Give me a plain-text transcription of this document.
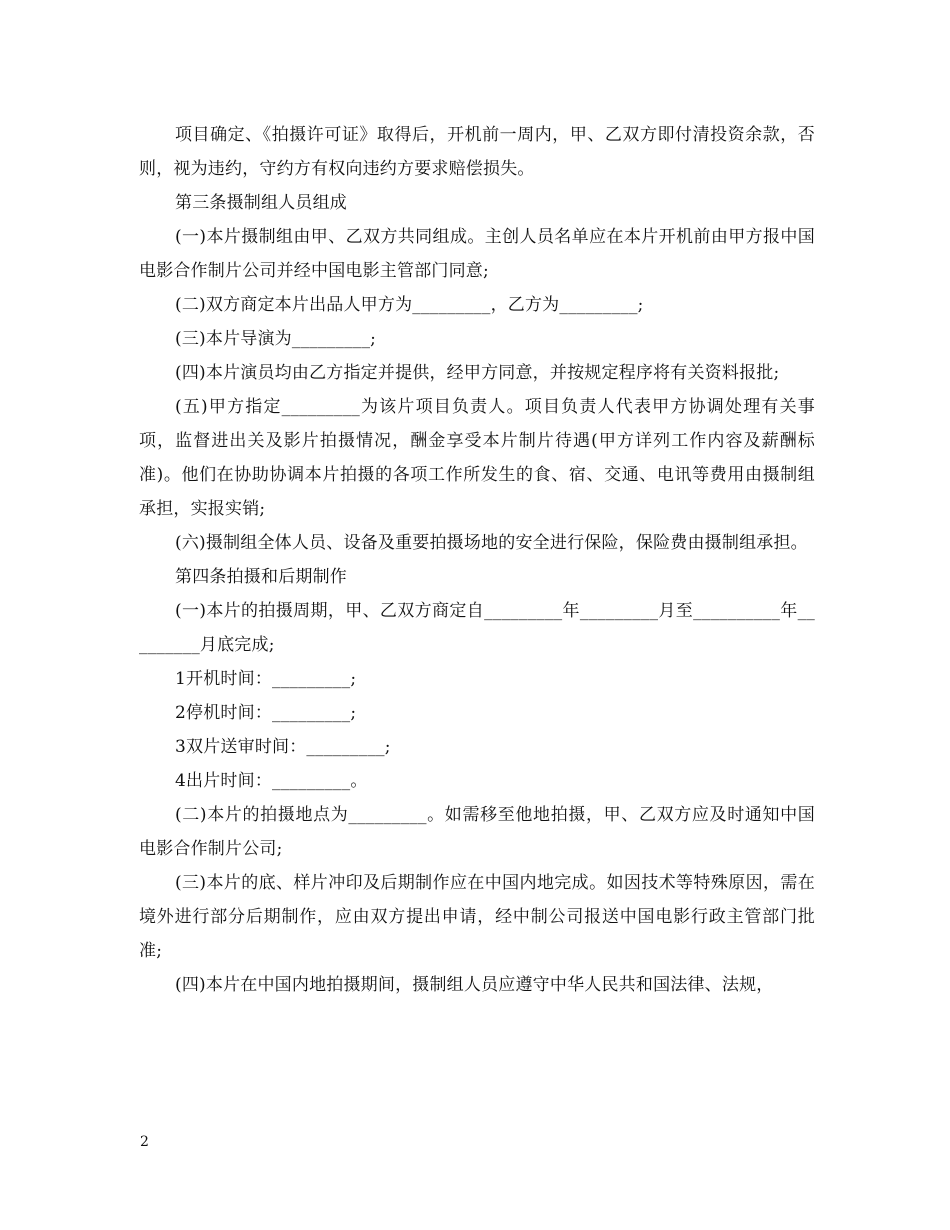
项目确定、《拍摄许可证》取得后，开机前一周内，甲、乙双方即付清投资余款，否则，视为违约，守约方有权向违约方要求赔偿损失。

第三条摄制组人员组成

(一)本片摄制组由甲、乙双方共同组成。主创人员名单应在本片开机前由甲方报中国电影合作制片公司并经中国电影主管部门同意;

(二)双方商定本片出品人甲方为_________，乙方为_________;

(三)本片导演为_________;

(四)本片演员均由乙方指定并提供，经甲方同意，并按规定程序将有关资料报批;

(五)甲方指定_________为该片项目负责人。项目负责人代表甲方协调处理有关事项，监督进出关及影片拍摄情况，酬金享受本片制片待遇(甲方详列工作内容及薪酬标准)。他们在协助协调本片拍摄的各项工作所发生的食、宿、交通、电讯等费用由摄制组承担，实报实销;

(六)摄制组全体人员、设备及重要拍摄场地的安全进行保险，保险费由摄制组承担。

第四条拍摄和后期制作

(一)本片的拍摄周期，甲、乙双方商定自_________年_________月至__________年_________月底完成;

1开机时间：_________;

2停机时间：_________;

3双片送审时间：_________;

4出片时间：_________。

(二)本片的拍摄地点为_________。如需移至他地拍摄，甲、乙双方应及时通知中国电影合作制片公司;

(三)本片的底、样片冲印及后期制作应在中国内地完成。如因技术等特殊原因，需在境外进行部分后期制作，应由双方提出申请，经中制公司报送中国电影行政主管部门批准;

(四)本片在中国内地拍摄期间，摄制组人员应遵守中华人民共和国法律、法规，

2
